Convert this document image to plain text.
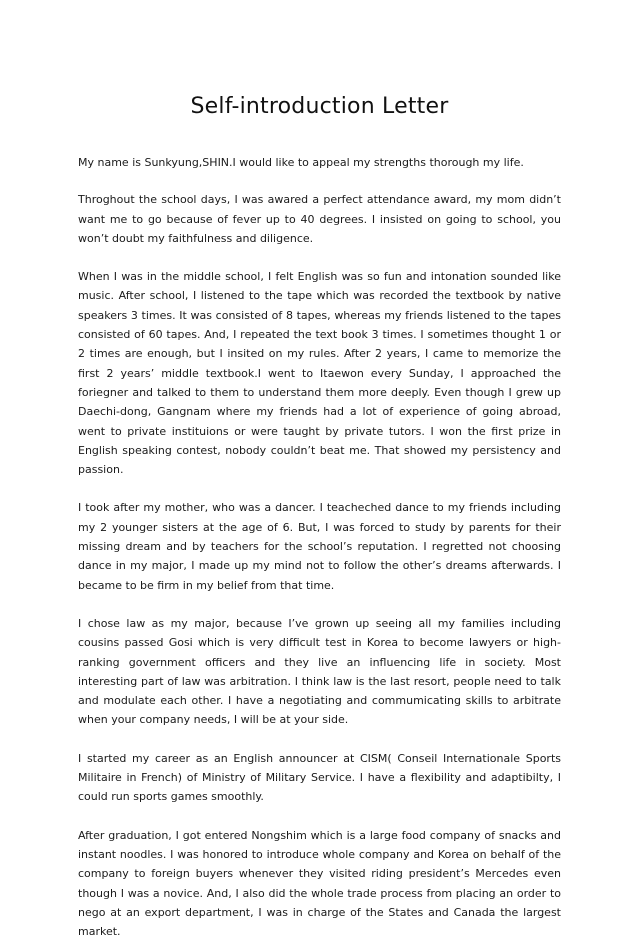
Self-introduction Letter

My name is Sunkyung,SHIN.I would like to appeal my strengths thorough my life.

Throghout the school days, I was awared a perfect attendance award, my mom didn’t want me to go because of fever up to 40 degrees. I insisted on going to school, you won’t doubt my faithfulness and diligence.

When I was in the middle school, I felt English was so fun and intonation sounded like music. After school, I listened to the tape which was recorded the textbook by native speakers 3 times. It was consisted of 8 tapes, whereas my friends listened to the tapes consisted of 60 tapes. And, I repeated the text book 3 times. I sometimes thought 1 or 2 times are enough, but I insited on my rules. After 2 years, I came to memorize the first 2 years’ middle textbook.I went to Itaewon every Sunday, I approached the foriegner and talked to them to understand them more deeply. Even though I grew up Daechi-dong, Gangnam where my friends had a lot of experience of going abroad, went to private instituions or were taught by private tutors. I won the first prize in English speaking contest, nobody couldn’t beat me. That showed my persistency and passion.

I took after my mother, who was a dancer. I teacheched dance to my friends including my 2 younger sisters at the age of 6. But, I was forced to study by parents for their missing dream and by teachers for the school’s reputation. I regretted not choosing dance in my major, I made up my mind not to follow the other’s dreams afterwards. I became to be firm in my belief from that time.

I chose law as my major, because I’ve grown up seeing all my families including cousins passed Gosi which is very difficult test in Korea to become lawyers or high-ranking government officers and they live an influencing life in society. Most interesting part of law was arbitration. I think law is the last resort, people need to talk and modulate each other. I have a negotiating and commumicating skills to arbitrate when your company needs, I will be at your side.

I started my career as an English announcer at CISM( Conseil Internationale Sports Militaire in French) of Ministry of Military Service. I have a flexibility and adaptibilty, I could run sports games smoothly.

After graduation, I got entered Nongshim which is a large food company of snacks and instant noodles. I was honored to introduce whole company and Korea on behalf of the company to foreign buyers whenever they visited riding president’s Mercedes even though I was a novice. And, I also did the whole trade process from placing an order to nego at an export department, I was in charge of the States and Canada the largest market.
